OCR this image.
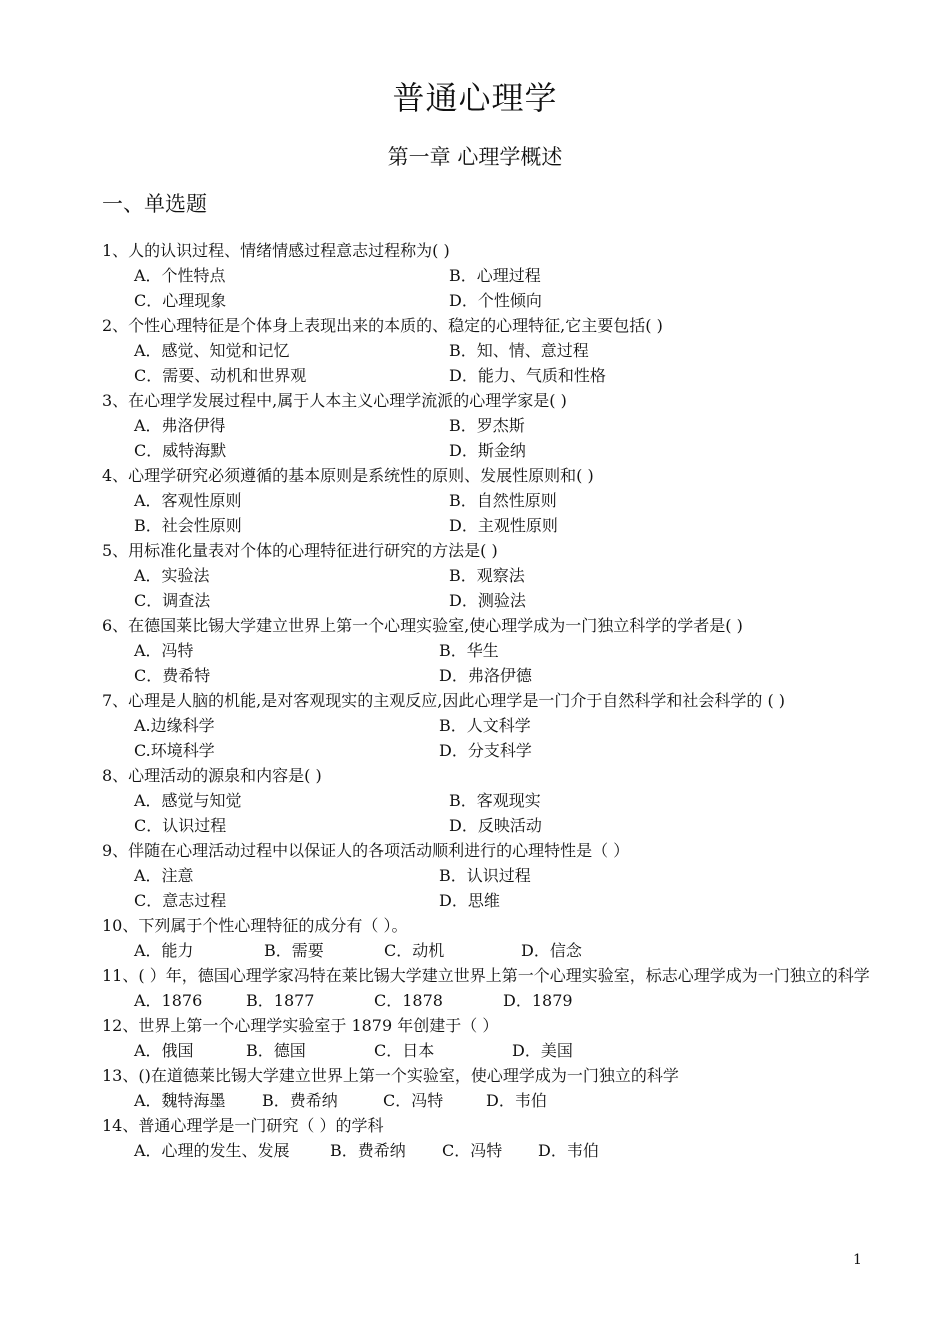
普通心理学
第一章 心理学概述
一、单选题
1、人的认识过程、情绪情感过程意志过程称为( )
A．个性特点	B．心理过程
C．心理现象	D．个性倾向
2、个性心理特征是个体身上表现出来的本质的、稳定的心理特征,它主要包括( )
A．感觉、知觉和记忆	B．知、情、意过程
C．需要、动机和世界观	D．能力、气质和性格
3、在心理学发展过程中,属于人本主义心理学流派的心理学家是( )
A．弗洛伊得	B．罗杰斯
C．威特海默	D．斯金纳
4、心理学研究必须遵循的基本原则是系统性的原则、发展性原则和( )
A．客观性原则	B．自然性原则
B．社会性原则	D．主观性原则
5、用标准化量表对个体的心理特征进行研究的方法是( )
A．实验法	B．观察法
C．调查法	D．测验法
6、在德国莱比锡大学建立世界上第一个心理实验室,使心理学成为一门独立科学的学者是( )
A．冯特	B．华生
C．费希特	D．弗洛伊德
7、心理是人脑的机能,是对客观现实的主观反应,因此心理学是一门介于自然科学和社会科学的 ( )
A.边缘科学	B．人文科学
C.环境科学	D．分支科学
8、心理活动的源泉和内容是( )
A．感觉与知觉	B．客观现实
C．认识过程	D．反映活动
9、伴随在心理活动过程中以保证人的各项活动顺利进行的心理特性是（ ）
A．注意	B．认识过程
C．意志过程	D．思维
10、下列属于个性心理特征的成分有（ ）。
A．能力	B．需要	C．动机	D．信念
11、( ）年，德国心理学家冯特在莱比锡大学建立世界上第一个心理实验室，标志心理学成为一门独立的科学
A．1876	B．1877	C．1878	D．1879
12、世界上第一个心理学实验室于 1879 年创建于（ ）
A．俄国	B．德国	C．日本	D．美国
13、()在道德莱比锡大学建立世界上第一个实验室，使心理学成为一门独立的科学
A．魏特海墨	B．费希纳	C．冯特	D．韦伯
14、普通心理学是一门研究（ ）的学科
A．心理的发生、发展	B．费希纳	C．冯特	D．韦伯
1
